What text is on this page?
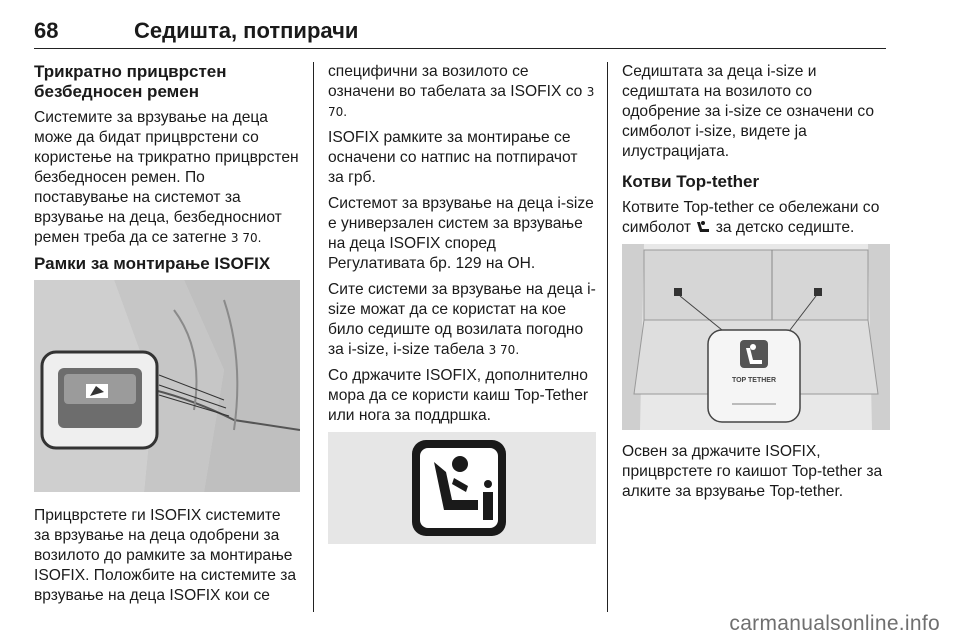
68	Седишта, потпирачи
Трикратно прицврстен безбедносен ремен

Системите за врзување на деца може да бидат прицврстени со користење на трикратно прицврстен безбедносен ремен. По поставување на системот за врзување на деца, безбедносниот ремен треба да се затегне 3 70.

Рамки за монтирање ISOFIX

Прицврстете ги ISOFIX системите за врзување на деца одобрени за возилото до рамките за монтирање ISOFIX. Положбите на системите за врзување на деца ISOFIX кои се

специфични за возилото се означени во табелата за ISOFIX со 3 70.

ISOFIX рамките за монтирање се осначени со натпис на потпирачот за грб.

Системот за врзување на деца i-size е универзален систем за врзување на деца ISOFIX според Регулативата бр. 129 на ОН.

Сите системи за врзување на деца i-size можат да се користат на кое било седиште од возилата погодно за i-size, i-size табела 3 70.

Со држачите ISOFIX, дополнително мора да се користи каиш Top-Tether или нога за поддршка.

Седиштата за деца i-size и седиштата на возилото со одобрение за i-size се означени со симболот i-size, видете ја илустрацијата.

Котви Top-tether

Котвите Top-tether се обележани со симболот за детско седиште.

TOP TETHER

Освен за држачите ISOFIX, прицврстете го каишот Top-tether за алките за врзување Top-tether.

carmanualsonline.info
